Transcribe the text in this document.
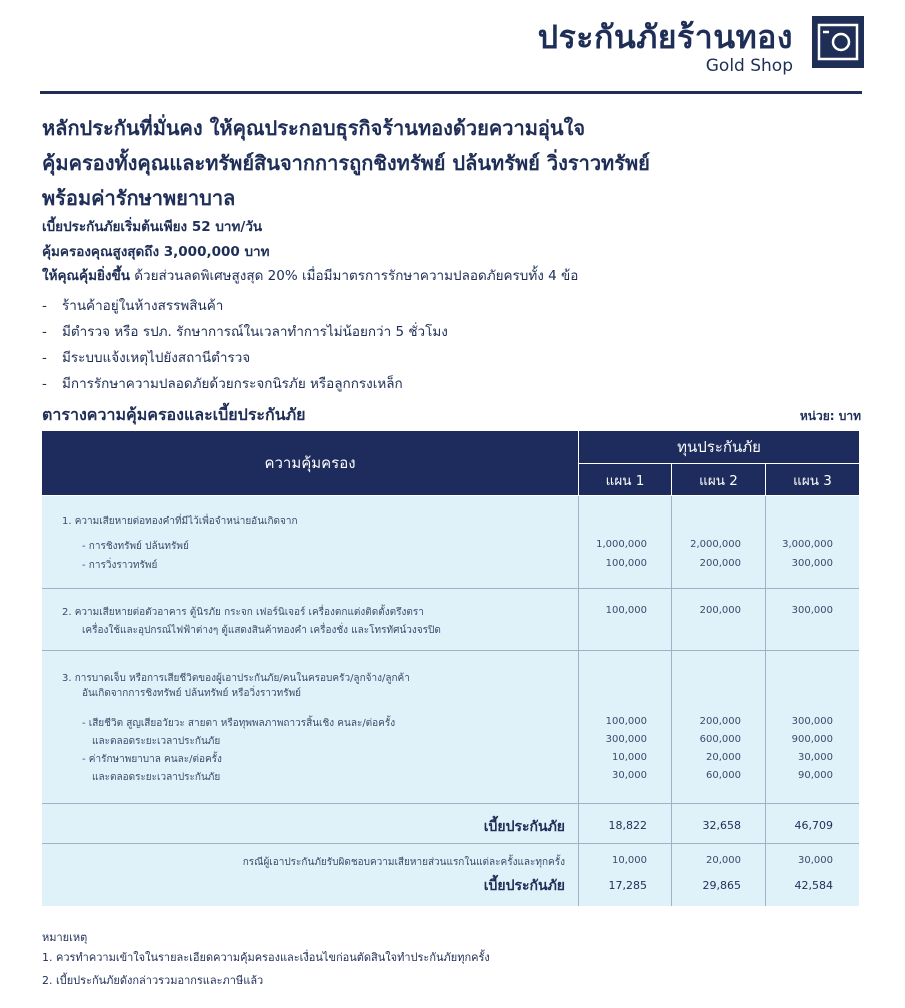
ประกันภัยร้านทอง
Gold Shop
หลักประกันที่มั่นคง ให้คุณประกอบธุรกิจร้านทองด้วยความอุ่นใจ
คุ้มครองทั้งคุณและทรัพย์สินจากการถูกชิงทรัพย์ ปล้นทรัพย์ วิ่งราวทรัพย์
พร้อมค่ารักษาพยาบาล
เบี้ยประกันภัยเริ่มต้นเพียง 52 บาท/วัน
คุ้มครองคุณสูงสุดถึง 3,000,000 บาท
ให้คุณคุ้มยิ่งขึ้น ด้วยส่วนลดพิเศษสูงสุด 20% เมื่อมีมาตรการรักษาความปลอดภัยครบทั้ง 4 ข้อ
- ร้านค้าอยู่ในห้างสรรพสินค้า
- มีตำรวจ หรือ รปภ. รักษาการณ์ในเวลาทำการไม่น้อยกว่า 5 ชั่วโมง
- มีระบบแจ้งเหตุไปยังสถานีตำรวจ
- มีการรักษาความปลอดภัยด้วยกระจกนิรภัย หรือลูกกรงเหล็ก
ตารางความคุ้มครองและเบี้ยประกันภัย	หน่วย: บาท
ความคุ้มครอง
ทุนประกันภัย
แผน 1	แผน 2	แผน 3
1. ความเสียหายต่อทองคำที่มีไว้เพื่อจำหน่ายอันเกิดจาก
- การชิงทรัพย์ ปล้นทรัพย์	1,000,000	2,000,000	3,000,000
- การวิ่งราวทรัพย์	100,000	200,000	300,000
2. ความเสียหายต่อตัวอาคาร ตู้นิรภัย กระจก เฟอร์นิเจอร์ เครื่องตกแต่งติดตั้งตรึงตรา
เครื่องใช้และอุปกรณ์ไฟฟ้าต่างๆ ตู้แสดงสินค้าทองคำ เครื่องชั่ง และโทรทัศน์วงจรปิด
100,000	200,000	300,000
3. การบาดเจ็บ หรือการเสียชีวิตของผู้เอาประกันภัย/คนในครอบครัว/ลูกจ้าง/ลูกค้า
อันเกิดจากการชิงทรัพย์ ปล้นทรัพย์ หรือวิ่งราวทรัพย์
- เสียชีวิต สูญเสียอวัยวะ สายตา หรือทุพพลภาพถาวรสิ้นเชิง คนละ/ต่อครั้ง	100,000	200,000	300,000
และตลอดระยะเวลาประกันภัย	300,000	600,000	900,000
- ค่ารักษาพยาบาล คนละ/ต่อครั้ง	10,000	20,000	30,000
และตลอดระยะเวลาประกันภัย	30,000	60,000	90,000
เบี้ยประกันภัย	18,822	32,658	46,709
กรณีผู้เอาประกันภัยรับผิดชอบความเสียหายส่วนแรกในแต่ละครั้งและทุกครั้ง	10,000	20,000	30,000
เบี้ยประกันภัย	17,285	29,865	42,584
หมายเหตุ
1. ควรทำความเข้าใจในรายละเอียดความคุ้มครองและเงื่อนไขก่อนตัดสินใจทำประกันภัยทุกครั้ง
2. เบี้ยประกันภัยดังกล่าวรวมอากรและภาษีแล้ว
